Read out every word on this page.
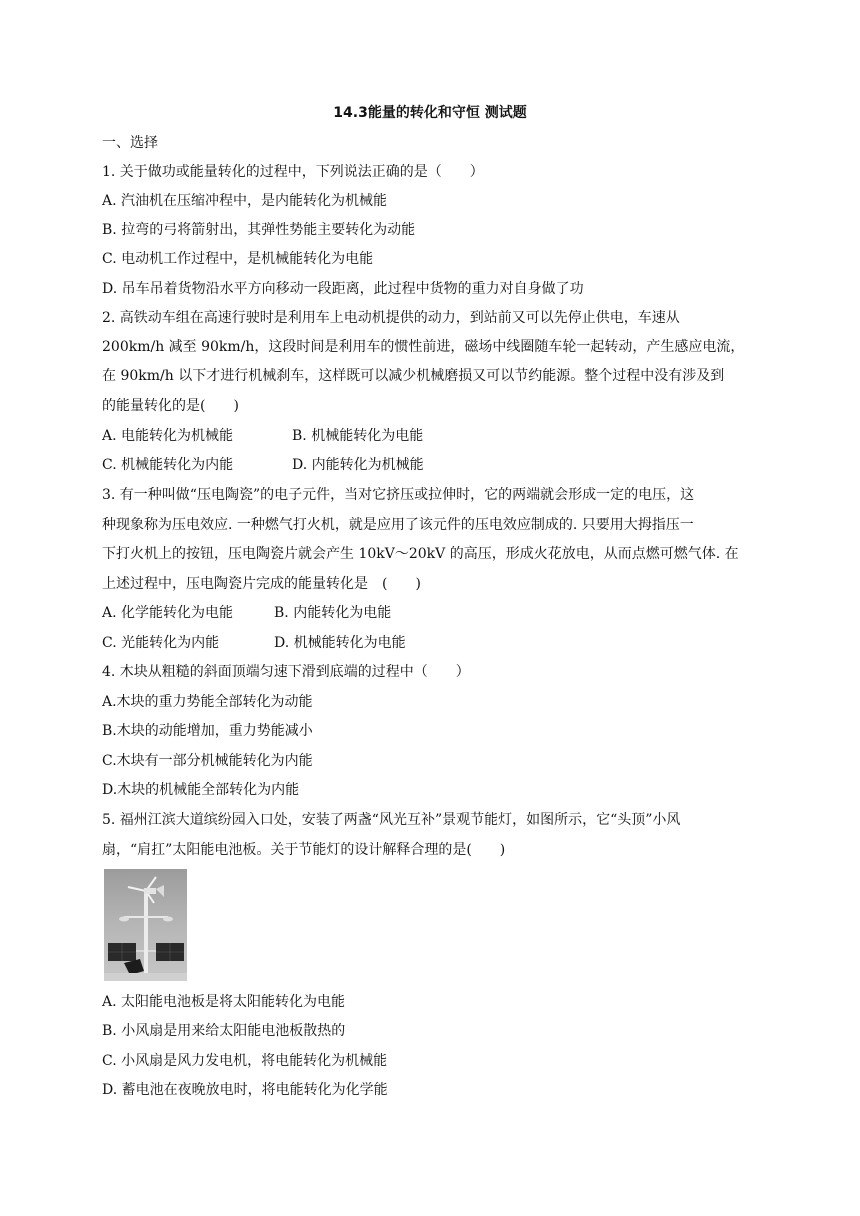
14.3能量的转化和守恒 测试题
一、选择
1. 关于做功或能量转化的过程中，下列说法正确的是（　　）
A. 汽油机在压缩冲程中，是内能转化为机械能
B. 拉弯的弓将箭射出，其弹性势能主要转化为动能
C. 电动机工作过程中，是机械能转化为电能
D. 吊车吊着货物沿水平方向移动一段距离，此过程中货物的重力对自身做了功
2. 高铁动车组在高速行驶时是利用车上电动机提供的动力，到站前又可以先停止供电，车速从
200km/h 减至 90km/h，这段时间是利用车的惯性前进，磁场中线圈随车轮一起转动，产生感应电流，
在 90km/h 以下才进行机械刹车，这样既可以减少机械磨损又可以节约能源。整个过程中没有涉及到
的能量转化的是(　　)
A. 电能转化为机械能	B. 机械能转化为电能
C. 机械能转化为内能	D. 内能转化为机械能
3. 有一种叫做“压电陶瓷”的电子元件，当对它挤压或拉伸时，它的两端就会形成一定的电压，这
种现象称为压电效应. 一种燃气打火机，就是应用了该元件的压电效应制成的. 只要用大拇指压一
下打火机上的按钮，压电陶瓷片就会产生 10kV～20kV 的高压，形成火花放电，从而点燃可燃气体. 在
上述过程中，压电陶瓷片完成的能量转化是　(　　)
A. 化学能转化为电能	B. 内能转化为电能
C. 光能转化为内能	D. 机械能转化为电能
4. 木块从粗糙的斜面顶端匀速下滑到底端的过程中（　　）
A.木块的重力势能全部转化为动能
B.木块的动能增加，重力势能减小
C.木块有一部分机械能转化为内能
D.木块的机械能全部转化为内能
5. 福州江滨大道缤纷园入口处，安装了两盏“风光互补”景观节能灯，如图所示，它“头顶”小风
扇，“肩扛”太阳能电池板。关于节能灯的设计解释合理的是(　　)
A. 太阳能电池板是将太阳能转化为电能
B. 小风扇是用来给太阳能电池板散热的
C. 小风扇是风力发电机，将电能转化为机械能
D. 蓄电池在夜晚放电时，将电能转化为化学能
